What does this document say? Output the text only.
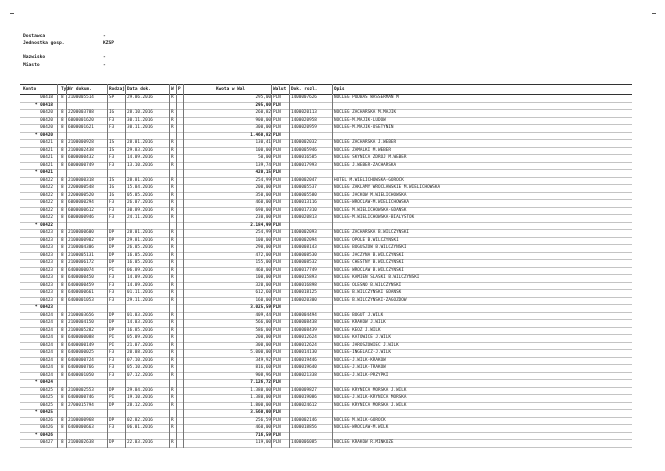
Dostawca	-
Jednostka gosp.	KZSP
Nazwisko	-
Miasto	-
Konto	Typ Nr dokum.	Rodzaj Data dok.	W P	Kwota w Wal	Walut Dok. rozl.	Opis
00418 8	2100005514	SP	29.06.2016	R	295,00 PLN	1400007626	NOCLEG PODBAS WASSERMAN M
* 00418	295,00 PLN
00420 8	2200003788	IG	28.10.2016	R	260,82 PLN	1400020113	NOCLEG ZACHARSKA M.MAJIK
00420 8	6000001620	F3	30.11.2016	R	900,00 PLN	1400020958	NOCLEG-M.MAJIK-LUDOW
00420 8	6000001621	F3	30.11.2016	R	300,00 PLN	1400020959	NOCLEG-M.MAJIK-OSETYNIN
* 00420	1.460,82 PLN
00421 8	2100000928	IS	28.01.2016	R	130,41 PLN	1400002032	NOCLEG ZACHARSKA J.WEBER
00421 8	2100002438	IS	29.03.2016	R	100,00 PLN	1400005946	NOCLEG ZAMALKI M.WEBER
00421 8	6000000432	F3	14.09.2016	R	50,00 PLN	1400016585	NOCLEG SKYNICA ZDROJ M.WEBER
00421 8	6000000749	F3	13.10.2016	R	139,74 PLN	1400017993	NOCLEG J.WEBER-ZACHARSKA
* 00421	420,15 PLN
00422 8	2100000318	IS	28.01.2016	R	254,99 PLN	1400002047	HOTEL M.WIELICHOWSKA-GOROCK
00422 8	2200000548	IG	15.04.2016	R	200,00 PLN	1400005537	NOCLEG ZAKLAMY WROCLAWSKIE M.WIELICHOWSKA
00422 8	2200000520	IG	05.05.2016	R	350,00 PLN	1400005580	NOCLEG JACKOW M.WIELICHOWSKA
00422 8	6000000294	F3	26.07.2016	R	460,00 PLN	1400013116	NOCLEG-WROCLAW-M.WIELICHOWSKA
00422 8	6000000612	F3	30.09.2016	R	690,00 PLN	1400017310	NOCLEG M.WIELICHOWSKA-GDANSK
00422 8	6000000946	F3	24.11.2016	R	230,00 PLN	1400020813	NOCLEG-M.WIELICHOWSKA-BIALYSTOK
* 00422	2.184,99 PLN
00423 8	2100000600	DP	28.01.2016	R	254,99 PLN	1400002093	NOCLEG ZACHARSKA B.WILCZYNSKI
00423 8	2100000902	DP	29.01.2016	R	100,00 PLN	1400002094	NOCLEG OPOLE B.WILCZYNSKI
00423 8	2100004306	DP	26.05.2016	R	290,00 PLN	1400008143	NOCLEG BOGUSZOW B.WILCZYNSKI
00423 8	2100005131	DP	16.05.2016	R	472,00 PLN	1400008530	NOCLEG JACZYNA B.WILCZYNSKI
00423 8	2100006172	DP	16.05.2016	R	155,00 PLN	1400008532	NOCLEG CHESTNY B.WILCZYNSKI
00423 8	6400000074	PI	06.09.2016	R	460,00 PLN	1400017749	NOCLEG WROCLAW B.WILCZYNSKI
00423 8	6400000450	F3	14.09.2016	R	100,00 PLN	1400015893	NOCLEG KAMIEN SLASKI B.WILCZYNSKI
00423 8	6400000459	F3	14.09.2016	R	320,00 PLN	1400016898	NOCLEG OLESNO B.WILCZYNSKI
00423 8	6400000661	F3	01.11.2016	R	612,60 PLN	1400018125	NOCLEG B.WILCZYNSKI GDANSK
00423 8	6400001053	F3	29.11.2016	R	160,00 PLN	1400020300	NOCLEG B.WILCZYNSKI-ZAGOZDOW
* 00423	3.025,59 PLN
00424 8	2100003656	DP	01.03.2016	R	409,44 PLN	1400004494	NOCLEG BOGUT J.WILK
00424 8	2100004150	DP	14.03.2016	R	566,00 PLN	1400008438	NOCLEG KRAKOW J.WILK
00424 8	2100005282	DP	16.05.2016	R	586,00 PLN	1400008439	NOCLEG KEOZ J.WILK
00424 8	6400000088	PI	05.09.2016	R	200,00 PLN	1400012624	NOCLEG KATOWICE J.WILK
00424 8	6400000149	PI	21.07.2016	R	300,00 PLN	1400012624	NOCLEG JAROSZOWIEC J.WILK
00424 8	6400000025	F3	20.08.2016	R	5.000,00 PLN	1400014130	NOCLEG-INGELACZ-J.WILK
00424 8	6400000724	F3	07.10.2016	R	349,92 PLN	1400019446	NOCLEG-J.WILK-KRAKOW
00424 8	6400000766	F3	05.10.2016	R	816,60 PLN	1400019640	NOCLEG-J.WILK-TRAKOW
00424 8	6400001050	F3	07.12.2016	R	908,96 PLN	1400021338	NOCLEG-J.WILK-PRZYPKI
* 00424	7.126,72 PLN
00425 8	2100002553	DP	29.04.2016	R	1.380,00 PLN	1400009827	NOCLEG KRYNICA MORSKA J.WILK
00425 8	6400000746	PI	19.10.2016	R	1.380,00 PLN	1400019086	NOCLEG-J.WILK-KRYNICA MORSKA
00425 8	2700015794	DP	28.12.2016	R	1.800,00 PLN	1400024612	NOCLEG KRYNICA MORSKA J.WILK
* 00425	3.560,00 PLN
00426 8	2100000968	DP	02.02.2016	R	256,59 PLN	1400002146	NOCLEG M.WILK-GOROCK
00426 8	6400000663	F3	06.01.2016	R	460,00 PLN	1400018856	NOCLEG-WROCLAW-M.WILK
* 00426	716,59 PLN
00427 8	2100002638	DP	22.03.2016	R	119,00 PLN	1400006085	NOCLEG KRAKOW R.MINKOZE
